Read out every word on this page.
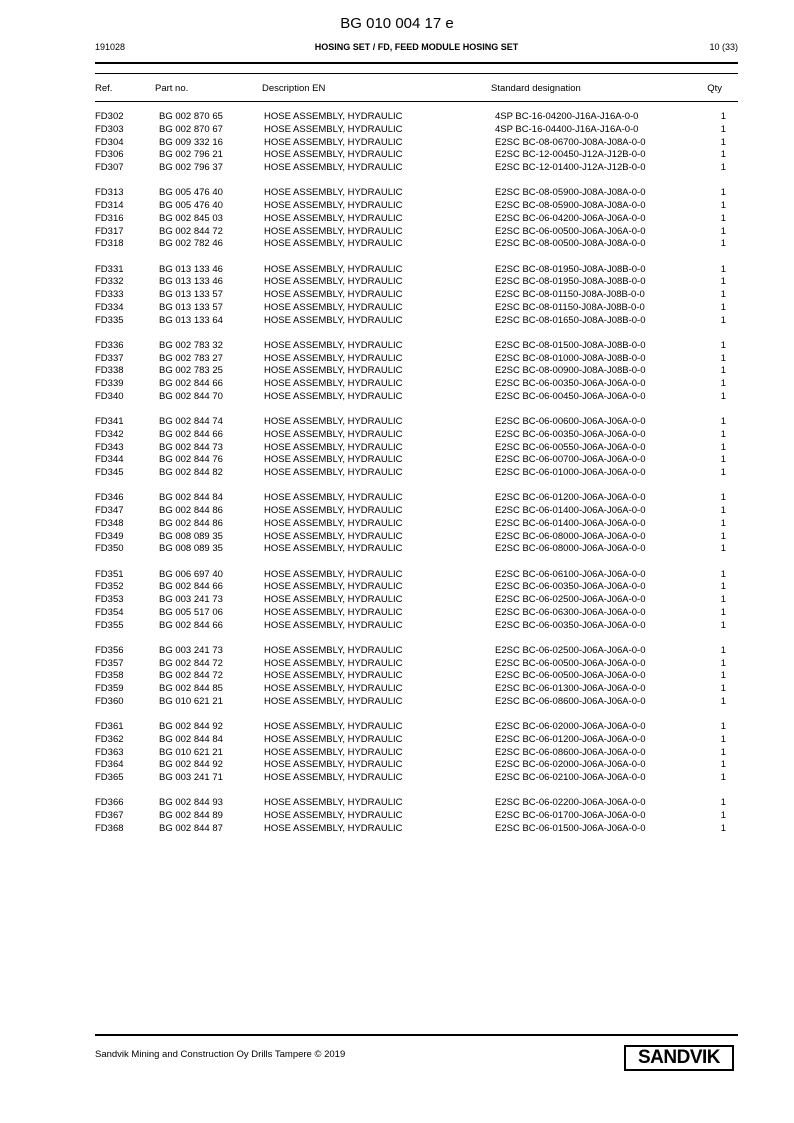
BG 010 004 17 e
191028	HOSING SET / FD, FEED MODULE HOSING SET	10 (33)
Ref.	Part no.	Description EN	Standard designation	Qty
FD302	BG 002 870 65	HOSE ASSEMBLY, HYDRAULIC	4SP BC-16-04200-J16A-J16A-0-0	1
FD303	BG 002 870 67	HOSE ASSEMBLY, HYDRAULIC	4SP BC-16-04400-J16A-J16A-0-0	1
FD304	BG 009 332 16	HOSE ASSEMBLY, HYDRAULIC	E2SC BC-08-06700-J08A-J08A-0-0	1
FD306	BG 002 796 21	HOSE ASSEMBLY, HYDRAULIC	E2SC BC-12-00450-J12A-J12B-0-0	1
FD307	BG 002 796 37	HOSE ASSEMBLY, HYDRAULIC	E2SC BC-12-01400-J12A-J12B-0-0	1
FD313	BG 005 476 40	HOSE ASSEMBLY, HYDRAULIC	E2SC BC-08-05900-J08A-J08A-0-0	1
FD314	BG 005 476 40	HOSE ASSEMBLY, HYDRAULIC	E2SC BC-08-05900-J08A-J08A-0-0	1
FD316	BG 002 845 03	HOSE ASSEMBLY, HYDRAULIC	E2SC BC-06-04200-J06A-J06A-0-0	1
FD317	BG 002 844 72	HOSE ASSEMBLY, HYDRAULIC	E2SC BC-06-00500-J06A-J06A-0-0	1
FD318	BG 002 782 46	HOSE ASSEMBLY, HYDRAULIC	E2SC BC-08-00500-J08A-J08A-0-0	1
FD331	BG 013 133 46	HOSE ASSEMBLY, HYDRAULIC	E2SC BC-08-01950-J08A-J08B-0-0	1
FD332	BG 013 133 46	HOSE ASSEMBLY, HYDRAULIC	E2SC BC-08-01950-J08A-J08B-0-0	1
FD333	BG 013 133 57	HOSE ASSEMBLY, HYDRAULIC	E2SC BC-08-01150-J08A-J08B-0-0	1
FD334	BG 013 133 57	HOSE ASSEMBLY, HYDRAULIC	E2SC BC-08-01150-J08A-J08B-0-0	1
FD335	BG 013 133 64	HOSE ASSEMBLY, HYDRAULIC	E2SC BC-08-01650-J08A-J08B-0-0	1
FD336	BG 002 783 32	HOSE ASSEMBLY, HYDRAULIC	E2SC BC-08-01500-J08A-J08B-0-0	1
FD337	BG 002 783 27	HOSE ASSEMBLY, HYDRAULIC	E2SC BC-08-01000-J08A-J08B-0-0	1
FD338	BG 002 783 25	HOSE ASSEMBLY, HYDRAULIC	E2SC BC-08-00900-J08A-J08B-0-0	1
FD339	BG 002 844 66	HOSE ASSEMBLY, HYDRAULIC	E2SC BC-06-00350-J06A-J06A-0-0	1
FD340	BG 002 844 70	HOSE ASSEMBLY, HYDRAULIC	E2SC BC-06-00450-J06A-J06A-0-0	1
FD341	BG 002 844 74	HOSE ASSEMBLY, HYDRAULIC	E2SC BC-06-00600-J06A-J06A-0-0	1
FD342	BG 002 844 66	HOSE ASSEMBLY, HYDRAULIC	E2SC BC-06-00350-J06A-J06A-0-0	1
FD343	BG 002 844 73	HOSE ASSEMBLY, HYDRAULIC	E2SC BC-06-00550-J06A-J06A-0-0	1
FD344	BG 002 844 76	HOSE ASSEMBLY, HYDRAULIC	E2SC BC-06-00700-J06A-J06A-0-0	1
FD345	BG 002 844 82	HOSE ASSEMBLY, HYDRAULIC	E2SC BC-06-01000-J06A-J06A-0-0	1
FD346	BG 002 844 84	HOSE ASSEMBLY, HYDRAULIC	E2SC BC-06-01200-J06A-J06A-0-0	1
FD347	BG 002 844 86	HOSE ASSEMBLY, HYDRAULIC	E2SC BC-06-01400-J06A-J06A-0-0	1
FD348	BG 002 844 86	HOSE ASSEMBLY, HYDRAULIC	E2SC BC-06-01400-J06A-J06A-0-0	1
FD349	BG 008 089 35	HOSE ASSEMBLY, HYDRAULIC	E2SC BC-06-08000-J06A-J06A-0-0	1
FD350	BG 008 089 35	HOSE ASSEMBLY, HYDRAULIC	E2SC BC-06-08000-J06A-J06A-0-0	1
FD351	BG 006 697 40	HOSE ASSEMBLY, HYDRAULIC	E2SC BC-06-06100-J06A-J06A-0-0	1
FD352	BG 002 844 66	HOSE ASSEMBLY, HYDRAULIC	E2SC BC-06-00350-J06A-J06A-0-0	1
FD353	BG 003 241 73	HOSE ASSEMBLY, HYDRAULIC	E2SC BC-06-02500-J06A-J06A-0-0	1
FD354	BG 005 517 06	HOSE ASSEMBLY, HYDRAULIC	E2SC BC-06-06300-J06A-J06A-0-0	1
FD355	BG 002 844 66	HOSE ASSEMBLY, HYDRAULIC	E2SC BC-06-00350-J06A-J06A-0-0	1
FD356	BG 003 241 73	HOSE ASSEMBLY, HYDRAULIC	E2SC BC-06-02500-J06A-J06A-0-0	1
FD357	BG 002 844 72	HOSE ASSEMBLY, HYDRAULIC	E2SC BC-06-00500-J06A-J06A-0-0	1
FD358	BG 002 844 72	HOSE ASSEMBLY, HYDRAULIC	E2SC BC-06-00500-J06A-J06A-0-0	1
FD359	BG 002 844 85	HOSE ASSEMBLY, HYDRAULIC	E2SC BC-06-01300-J06A-J06A-0-0	1
FD360	BG 010 621 21	HOSE ASSEMBLY, HYDRAULIC	E2SC BC-06-08600-J06A-J06A-0-0	1
FD361	BG 002 844 92	HOSE ASSEMBLY, HYDRAULIC	E2SC BC-06-02000-J06A-J06A-0-0	1
FD362	BG 002 844 84	HOSE ASSEMBLY, HYDRAULIC	E2SC BC-06-01200-J06A-J06A-0-0	1
FD363	BG 010 621 21	HOSE ASSEMBLY, HYDRAULIC	E2SC BC-06-08600-J06A-J06A-0-0	1
FD364	BG 002 844 92	HOSE ASSEMBLY, HYDRAULIC	E2SC BC-06-02000-J06A-J06A-0-0	1
FD365	BG 003 241 71	HOSE ASSEMBLY, HYDRAULIC	E2SC BC-06-02100-J06A-J06A-0-0	1
FD366	BG 002 844 93	HOSE ASSEMBLY, HYDRAULIC	E2SC BC-06-02200-J06A-J06A-0-0	1
FD367	BG 002 844 89	HOSE ASSEMBLY, HYDRAULIC	E2SC BC-06-01700-J06A-J06A-0-0	1
FD368	BG 002 844 87	HOSE ASSEMBLY, HYDRAULIC	E2SC BC-06-01500-J06A-J06A-0-0	1
Sandvik Mining and Construction Oy Drills Tampere © 2019	SANDVIK
